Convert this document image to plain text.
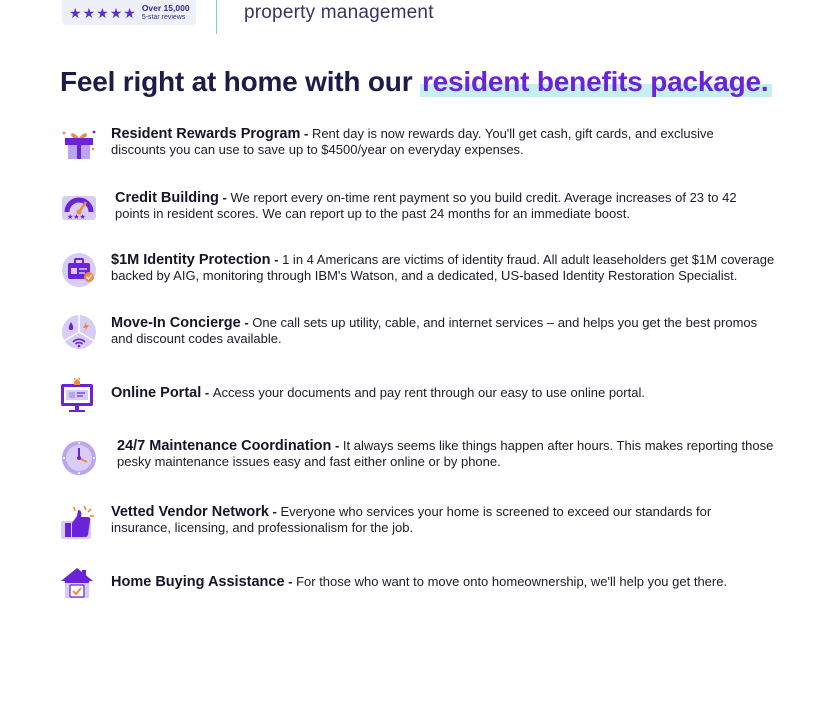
★ ★ ★ ★ ★ Over 15,000
5-star reviews	property management
Feel right at home with our resident benefits package.
Resident Rewards Program - Rent day is now rewards day. You'll get cash, gift cards, and exclusive discounts you can use to save up to $4500/year on everyday expenses.
★★★
Credit Building - We report every on-time rent payment so you build credit. Average increases of 23 to 42 points in resident scores. We can report up to the past 24 months for an immediate boost.
$1M Identity Protection - 1 in 4 Americans are victims of identity fraud. All adult leaseholders get $1M coverage backed by AIG, monitoring through IBM's Watson, and a dedicated, US-based Identity Restoration Specialist.
Move-In Concierge - One call sets up utility, cable, and internet services – and helps you get the best promos and discount codes available.
Online Portal - Access your documents and pay rent through our easy to use online portal.
24/7 Maintenance Coordination - It always seems like things happen after hours. This makes reporting those pesky maintenance issues easy and fast either online or by phone.
Vetted Vendor Network - Everyone who services your home is screened to exceed our standards for insurance, licensing, and professionalism for the job.
Home Buying Assistance - For those who want to move onto homeownership, we'll help you get there.
